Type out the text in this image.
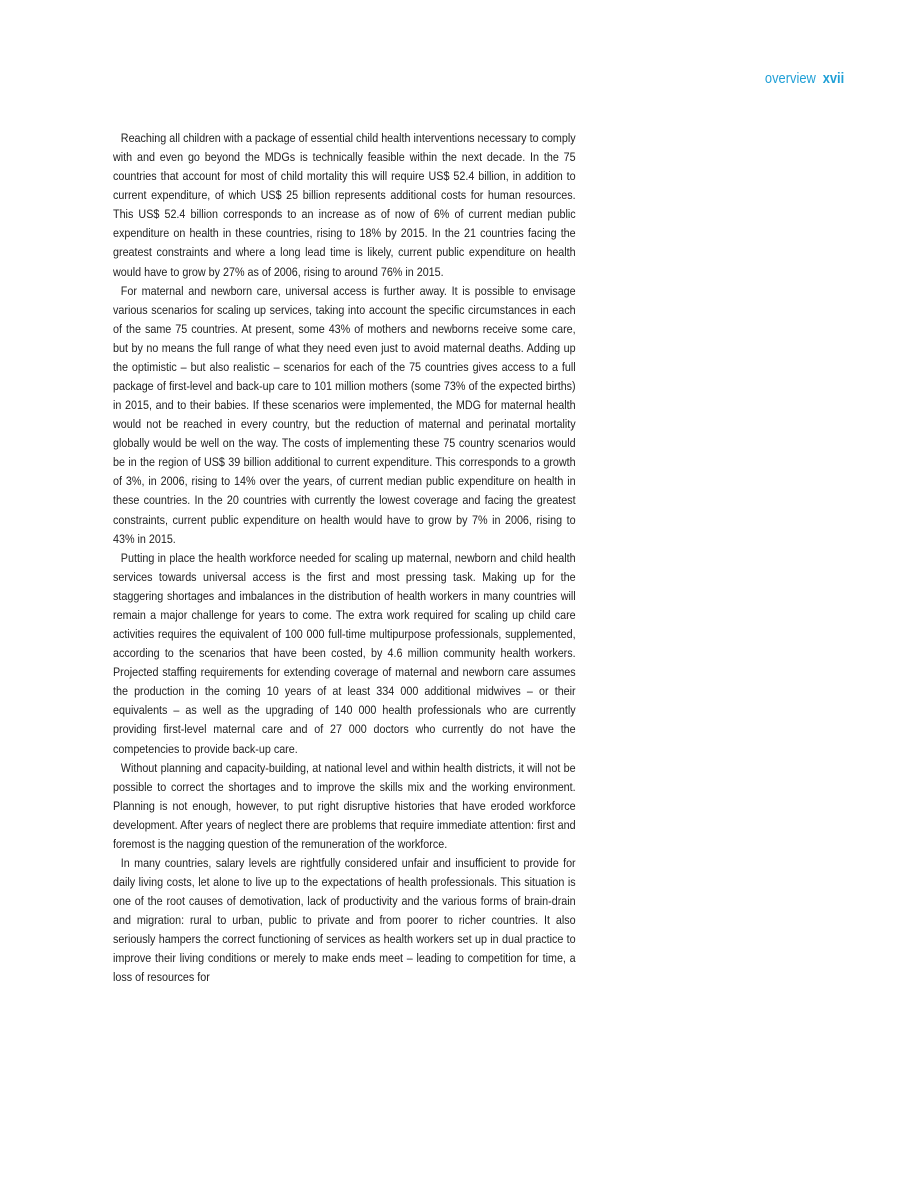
overview xvii

Reaching all children with a package of essential child health interventions necessary to comply with and even go beyond the MDGs is technically feasible within the next decade. In the 75 countries that account for most of child mortality this will require US$ 52.4 billion, in addition to current expenditure, of which US$ 25 billion represents additional costs for human resources. This US$ 52.4 billion corresponds to an increase as of now of 6% of current median public expenditure on health in these countries, rising to 18% by 2015. In the 21 countries facing the greatest constraints and where a long lead time is likely, current public expenditure on health would have to grow by 27% as of 2006, rising to around 76% in 2015.

For maternal and newborn care, universal access is further away. It is possible to envisage various scenarios for scaling up services, taking into account the specific circumstances in each of the same 75 countries. At present, some 43% of mothers and newborns receive some care, but by no means the full range of what they need even just to avoid maternal deaths. Adding up the optimistic – but also realistic – scenarios for each of the 75 countries gives access to a full package of first-level and back-up care to 101 million mothers (some 73% of the expected births) in 2015, and to their babies. If these scenarios were implemented, the MDG for maternal health would not be reached in every country, but the reduction of maternal and perinatal mortality globally would be well on the way. The costs of implementing these 75 country scenarios would be in the region of US$ 39 billion additional to current expenditure. This corresponds to a growth of 3%, in 2006, rising to 14% over the years, of current median public expenditure on health in these countries. In the 20 countries with currently the lowest coverage and facing the greatest constraints, current public expenditure on health would have to grow by 7% in 2006, rising to 43% in 2015.

Putting in place the health workforce needed for scaling up maternal, newborn and child health services towards universal access is the first and most pressing task. Making up for the staggering shortages and imbalances in the distribution of health workers in many countries will remain a major challenge for years to come. The extra work required for scaling up child care activities requires the equivalent of 100 000 full-time multipurpose professionals, supplemented, according to the scenarios that have been costed, by 4.6 million community health workers. Projected staffing requirements for extending coverage of maternal and newborn care assumes the production in the coming 10 years of at least 334 000 additional midwives – or their equivalents – as well as the upgrading of 140 000 health professionals who are currently providing first-level maternal care and of 27 000 doctors who currently do not have the competencies to provide back-up care.

Without planning and capacity-building, at national level and within health districts, it will not be possible to correct the shortages and to improve the skills mix and the working environment. Planning is not enough, however, to put right disruptive histories that have eroded workforce development. After years of neglect there are problems that require immediate attention: first and foremost is the nagging question of the remuneration of the workforce.

In many countries, salary levels are rightfully considered unfair and insufficient to provide for daily living costs, let alone to live up to the expectations of health professionals. This situation is one of the root causes of demotivation, lack of productivity and the various forms of brain-drain and migration: rural to urban, public to private and from poorer to richer countries. It also seriously hampers the correct functioning of services as health workers set up in dual practice to improve their living conditions or merely to make ends meet – leading to competition for time, a loss of resources for
